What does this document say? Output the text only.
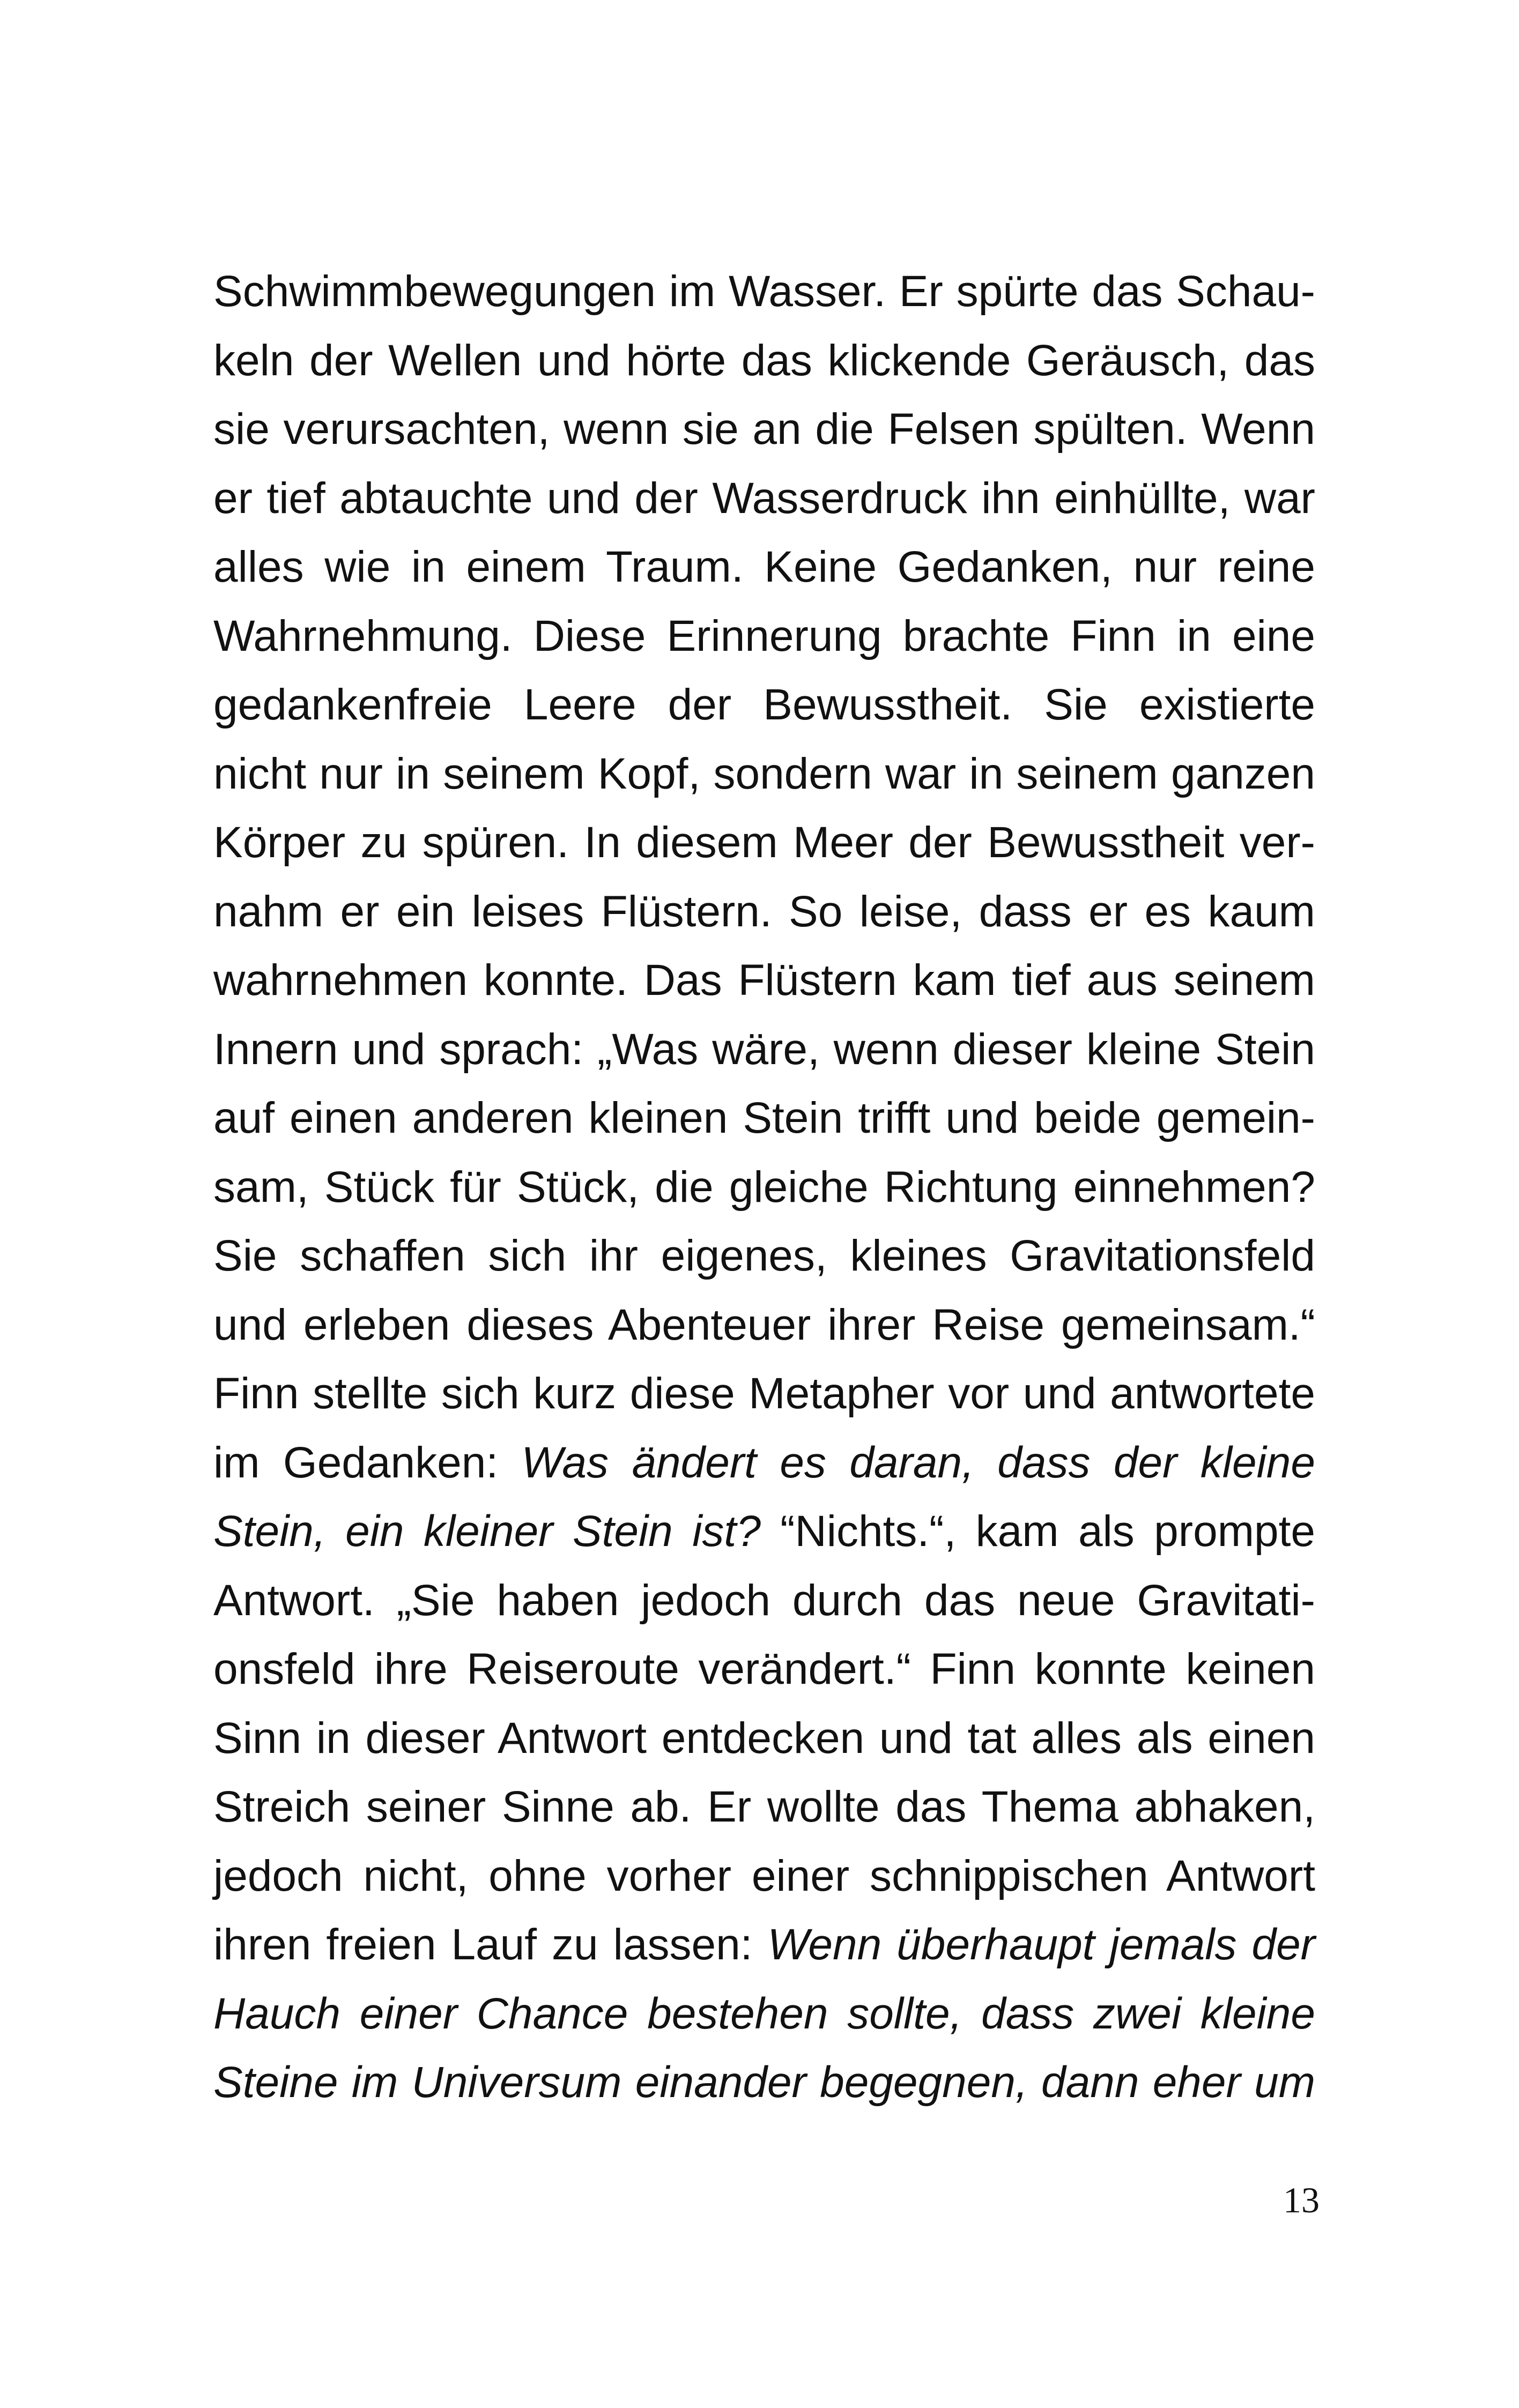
Schwimmbewegungen im Wasser. Er spürte das Schau-
keln der Wellen und hörte das klickende Geräusch, das
sie verursachten, wenn sie an die Felsen spülten. Wenn
er tief abtauchte und der Wasserdruck ihn einhüllte, war
alles wie in einem Traum. Keine Gedanken, nur reine
Wahrnehmung. Diese Erinnerung brachte Finn in eine
gedankenfreie Leere der Bewusstheit. Sie existierte
nicht nur in seinem Kopf, sondern war in seinem ganzen
Körper zu spüren. In diesem Meer der Bewusstheit ver-
nahm er ein leises Flüstern. So leise, dass er es kaum
wahrnehmen konnte. Das Flüstern kam tief aus seinem
Innern und sprach: „Was wäre, wenn dieser kleine Stein
auf einen anderen kleinen Stein trifft und beide gemein-
sam, Stück für Stück, die gleiche Richtung einnehmen?
Sie schaffen sich ihr eigenes, kleines Gravitationsfeld
und erleben dieses Abenteuer ihrer Reise gemeinsam.“
Finn stellte sich kurz diese Metapher vor und antwortete
im Gedanken: Was ändert es daran, dass der kleine
Stein, ein kleiner Stein ist? “Nichts.“, kam als prompte
Antwort. „Sie haben jedoch durch das neue Gravitati-
onsfeld ihre Reiseroute verändert.“ Finn konnte keinen
Sinn in dieser Antwort entdecken und tat alles als einen
Streich seiner Sinne ab. Er wollte das Thema abhaken,
jedoch nicht, ohne vorher einer schnippischen Antwort
ihren freien Lauf zu lassen: Wenn überhaupt jemals der
Hauch einer Chance bestehen sollte, dass zwei kleine
Steine im Universum einander begegnen, dann eher um
13
